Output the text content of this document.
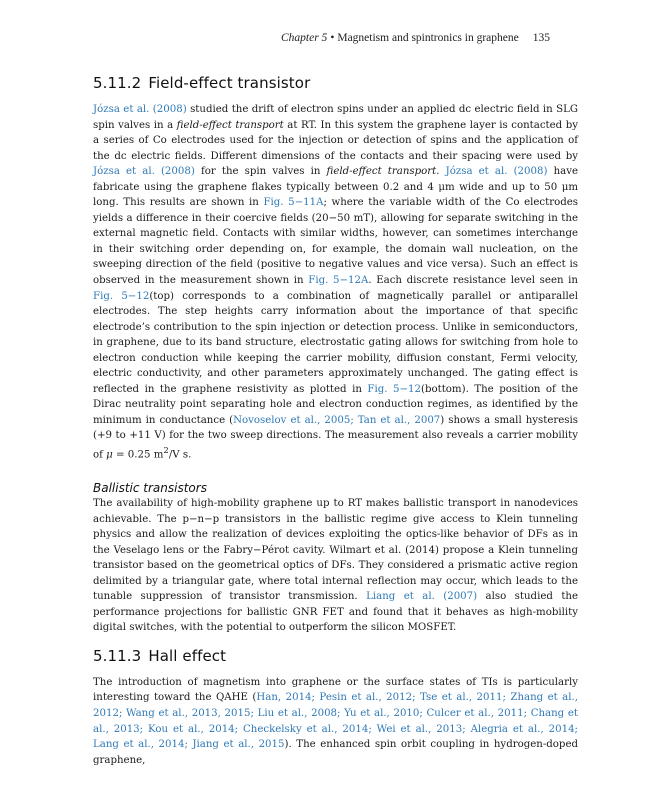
Chapter 5 • Magnetism and spintronics in graphene 135
5.11.2 Field-effect transistor

Józsa et al. (2008) studied the drift of electron spins under an applied dc electric field in SLG spin valves in a field-effect transport at RT. In this system the graphene layer is contacted by a series of Co electrodes used for the injection or detection of spins and the application of the dc electric fields. Different dimensions of the contacts and their spacing were used by Józsa et al. (2008) for the spin valves in field-effect transport. Józsa et al. (2008) have fabricate using the graphene flakes typically between 0.2 and 4 μm wide and up to 50 μm long. This results are shown in Fig. 5−11A; where the variable width of the Co electrodes yields a difference in their coercive fields (20−50 mT), allowing for separate switching in the external magnetic field. Contacts with similar widths, however, can sometimes interchange in their switching order depending on, for example, the domain wall nucleation, on the sweeping direction of the field (positive to negative values and vice versa). Such an effect is observed in the measurement shown in Fig. 5−12A. Each discrete resistance level seen in Fig. 5−12(top) corresponds to a combination of magnetically parallel or antiparallel electrodes. The step heights carry information about the importance of that specific electrode’s contribution to the spin injection or detection process. Unlike in semiconductors, in graphene, due to its band structure, electrostatic gating allows for switching from hole to electron conduction while keeping the carrier mobility, diffusion constant, Fermi velocity, electric conductivity, and other parameters approximately unchanged. The gating effect is reflected in the graphene resistivity as plotted in Fig. 5−12(bottom). The position of the Dirac neutrality point separating hole and electron conduction regimes, as identified by the minimum in conductance (Novoselov et al., 2005; Tan et al., 2007) shows a small hysteresis (+9 to +11 V) for the two sweep directions. The measurement also reveals a carrier mobility of μ = 0.25 $m^2/V$ s.

Ballistic transistors

The availability of high-mobility graphene up to RT makes ballistic transport in nanodevices achievable. The p−n−p transistors in the ballistic regime give access to Klein tunneling physics and allow the realization of devices exploiting the optics-like behavior of DFs as in the Veselago lens or the Fabry−Pérot cavity. Wilmart et al. (2014) propose a Klein tunneling transistor based on the geometrical optics of DFs. They considered a prismatic active region delimited by a triangular gate, where total internal reflection may occur, which leads to the tunable suppression of transistor transmission. Liang et al. (2007) also studied the performance projections for ballistic GNR FET and found that it behaves as high-mobility digital switches, with the potential to outperform the silicon MOSFET.

5.11.3 Hall effect

The introduction of magnetism into graphene or the surface states of TIs is particularly interesting toward the QAHE (Han, 2014; Pesin et al., 2012; Tse et al., 2011; Zhang et al., 2012; Wang et al., 2013, 2015; Liu et al., 2008; Yu et al., 2010; Culcer et al., 2011; Chang et al., 2013; Kou et al., 2014; Checkelsky et al., 2014; Wei et al., 2013; Alegria et al., 2014; Lang et al., 2014; Jiang et al., 2015). The enhanced spin orbit coupling in hydrogen-doped graphene,
